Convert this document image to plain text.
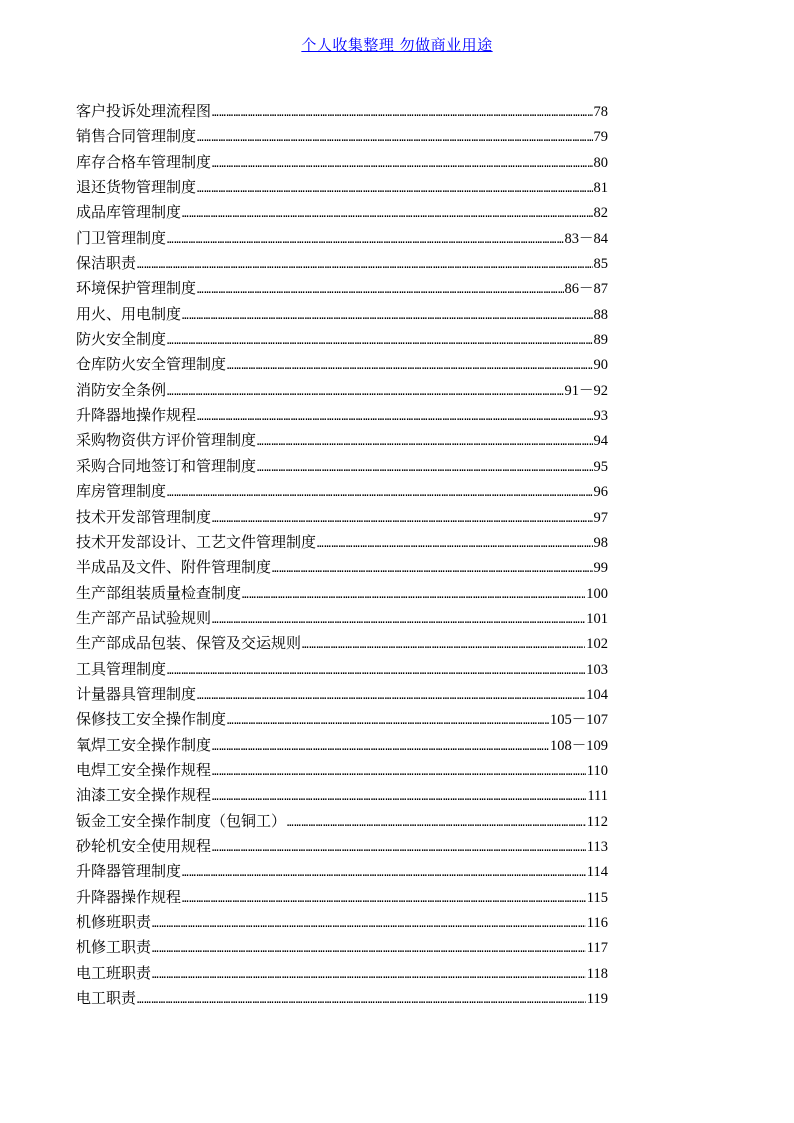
个人收集整理 勿做商业用途
客户投诉处理流程图 ……………………………………………………………………………………………………………………………………………………………………………………………………	78
销售合同管理制度 ……………………………………………………………………………………………………………………………………………………………………………………………………	79
库存合格车管理制度 ……………………………………………………………………………………………………………………………………………………………………………………………………	80
退还货物管理制度 ……………………………………………………………………………………………………………………………………………………………………………………………………	81
成品库管理制度 ……………………………………………………………………………………………………………………………………………………………………………………………………	82
门卫管理制度 ……………………………………………………………………………………………………………………………………………………………………………………………………	83－84
保洁职责 ……………………………………………………………………………………………………………………………………………………………………………………………………	85
环境保护管理制度 ……………………………………………………………………………………………………………………………………………………………………………………………………	86－87
用火、用电制度 ……………………………………………………………………………………………………………………………………………………………………………………………………	88
防火安全制度 ……………………………………………………………………………………………………………………………………………………………………………………………………	89
仓库防火安全管理制度 ……………………………………………………………………………………………………………………………………………………………………………………………………	90
消防安全条例 ……………………………………………………………………………………………………………………………………………………………………………………………………	91－92
升降器地操作规程 ……………………………………………………………………………………………………………………………………………………………………………………………………	93
采购物资供方评价管理制度 ……………………………………………………………………………………………………………………………………………………………………………………………………	94
采购合同地签订和管理制度 ……………………………………………………………………………………………………………………………………………………………………………………………………	95
库房管理制度 ……………………………………………………………………………………………………………………………………………………………………………………………………	96
技术开发部管理制度 ……………………………………………………………………………………………………………………………………………………………………………………………………	97
技术开发部设计、工艺文件管理制度 ……………………………………………………………………………………………………………………………………………………………………………………………………	98
半成品及文件、附件管理制度 ……………………………………………………………………………………………………………………………………………………………………………………………………	99
生产部组装质量检查制度 ……………………………………………………………………………………………………………………………………………………………………………………………………	100
生产部产品试验规则 ……………………………………………………………………………………………………………………………………………………………………………………………………	101
生产部成品包装、保管及交运规则 ……………………………………………………………………………………………………………………………………………………………………………………………………	102
工具管理制度 ……………………………………………………………………………………………………………………………………………………………………………………………………	103
计量器具管理制度 ……………………………………………………………………………………………………………………………………………………………………………………………………	104
保修技工安全操作制度 ……………………………………………………………………………………………………………………………………………………………………………………………………	105－107
氧焊工安全操作制度 ……………………………………………………………………………………………………………………………………………………………………………………………………	108－109
电焊工安全操作规程 ……………………………………………………………………………………………………………………………………………………………………………………………………	110
油漆工安全操作规程 ……………………………………………………………………………………………………………………………………………………………………………………………………	111
钣金工安全操作制度（包铜工） ……………………………………………………………………………………………………………………………………………………………………………………………………	112
砂轮机安全使用规程 ……………………………………………………………………………………………………………………………………………………………………………………………………	113
升降器管理制度 ……………………………………………………………………………………………………………………………………………………………………………………………………	114
升降器操作规程 ……………………………………………………………………………………………………………………………………………………………………………………………………	115
机修班职责 ……………………………………………………………………………………………………………………………………………………………………………………………………	116
机修工职责 ……………………………………………………………………………………………………………………………………………………………………………………………………	117
电工班职责 ……………………………………………………………………………………………………………………………………………………………………………………………………	118
电工职责 ……………………………………………………………………………………………………………………………………………………………………………………………………	119
